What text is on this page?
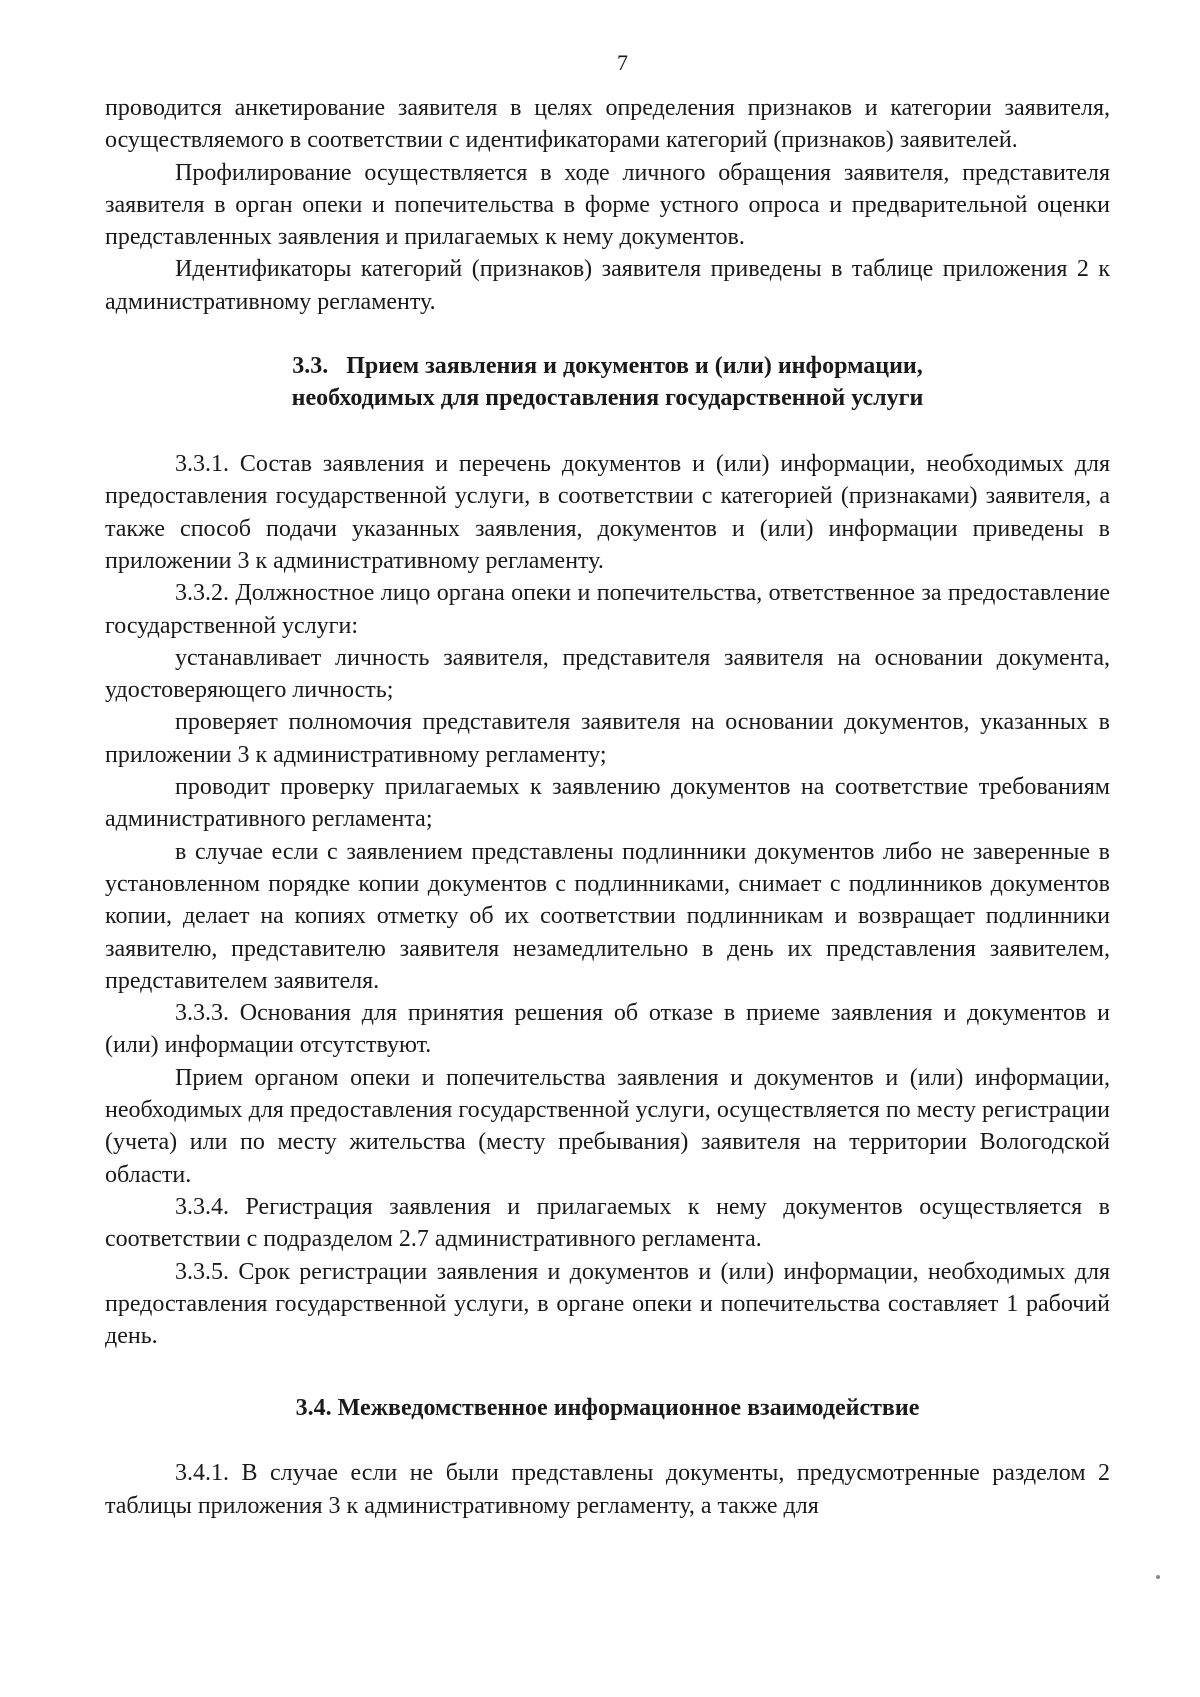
7

проводится анкетирование заявителя в целях определения признаков и категории заявителя, осуществляемого в соответствии с идентификаторами категорий (признаков) заявителей.

Профилирование осуществляется в ходе личного обращения заявителя, представителя заявителя в орган опеки и попечительства в форме устного опроса и предварительной оценки представленных заявления и прилагаемых к нему документов.

Идентификаторы категорий (признаков) заявителя приведены в таблице приложения 2 к административному регламенту.

3.3.   Прием заявления и документов и (или) информации,
необходимых для предоставления государственной услуги

3.3.1. Состав заявления и перечень документов и (или) информации, необходимых для предоставления государственной услуги, в соответствии с категорией (признаками) заявителя, а также способ подачи указанных заявления, документов и (или) информации приведены в приложении 3 к административному регламенту.

3.3.2. Должностное лицо органа опеки и попечительства, ответственное за предоставление государственной услуги:

устанавливает личность заявителя, представителя заявителя на основании документа, удостоверяющего личность;

проверяет полномочия представителя заявителя на основании документов, указанных в приложении 3 к административному регламенту;

проводит проверку прилагаемых к заявлению документов на соответствие требованиям административного регламента;

в случае если с заявлением представлены подлинники документов либо не заверенные в установленном порядке копии документов с подлинниками, снимает с подлинников документов копии, делает на копиях отметку об их соответствии подлинникам и возвращает подлинники заявителю, представителю заявителя незамедлительно в день их представления заявителем, представителем заявителя.

3.3.3. Основания для принятия решения об отказе в приеме заявления и документов и (или) информации отсутствуют.

Прием органом опеки и попечительства заявления и документов и (или) информации, необходимых для предоставления государственной услуги, осуществляется по месту регистрации (учета) или по месту жительства (месту пребывания) заявителя на территории Вологодской области.

3.3.4. Регистрация заявления и прилагаемых к нему документов осуществляется в соответствии с подразделом 2.7 административного регламента.

3.3.5. Срок регистрации заявления и документов и (или) информации, необходимых для предоставления государственной услуги, в органе опеки и попечительства составляет 1 рабочий день.

3.4. Межведомственное информационное взаимодействие

3.4.1. В случае если не были представлены документы, предусмотренные разделом 2 таблицы приложения 3 к административному регламенту, а также для
